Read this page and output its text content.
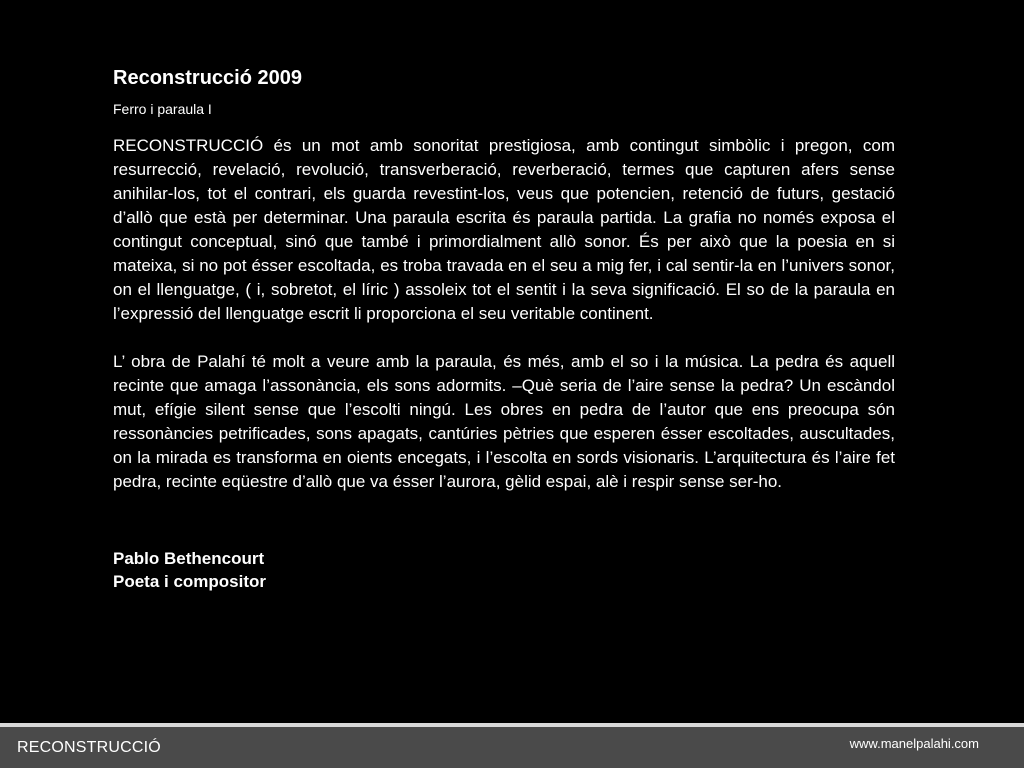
Reconstrucció 2009
Ferro i paraula I

RECONSTRUCCIÓ és un mot amb sonoritat prestigiosa, amb contingut simbòlic i pregon, com resurrecció, revelació, revolució, transverberació, reverberació, termes que capturen afers sense anihilar-los, tot el contrari, els guarda revestint-los, veus que potencien, retenció de futurs, gestació d’allò que està per determinar. Una paraula escrita és paraula partida. La grafia no només exposa el contingut conceptual, sinó que també i primordialment allò sonor. És per això que la poesia en si mateixa, si no pot ésser escoltada, es troba travada en el seu a mig fer, i cal sentir-la en l’univers sonor, on el llenguatge, ( i, sobretot, el líric ) assoleix tot el sentit i la seva significació. El so de la paraula en l’expressió del llenguatge escrit li proporciona el seu veritable continent.

L’ obra de Palahí té molt a veure amb la paraula, és més, amb el so i la música. La pedra és aquell recinte que amaga l’assonància, els sons adormits. –Què seria de l’aire sense la pedra? Un escàndol mut, efígie silent sense que l’escolti ningú. Les obres en pedra de l’autor que ens preocupa són ressonàncies petrificades, sons apagats, cantúries pètries que esperen ésser escoltades, auscultades, on la mirada es transforma en oients encegats, i l’escolta en sords visionaris. L’arquitectura és l’aire fet pedra, recinte eqüestre d’allò que va ésser l’aurora, gèlid espai, alè i respir sense ser-ho.

Pablo Bethencourt
Poeta i compositor
RECONSTRUCCIÓ	www.manelpalahi.com
